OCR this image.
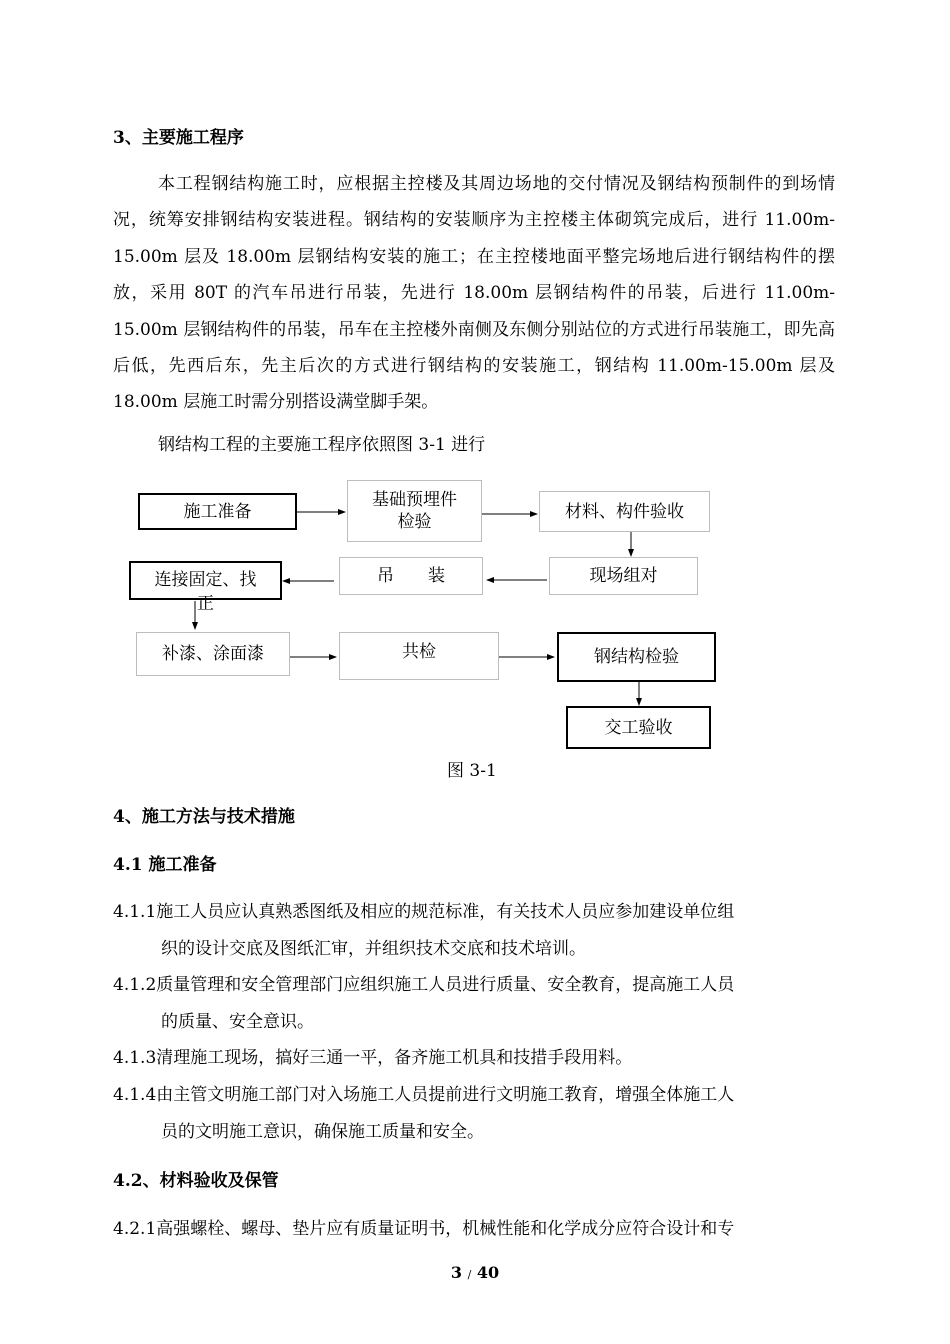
3、主要施工程序

本工程钢结构施工时，应根据主控楼及其周边场地的交付情况及钢结构预制件的到场情况，统筹安排钢结构安装进程。钢结构的安装顺序为主控楼主体砌筑完成后，进行 11.00m-15.00m 层及 18.00m 层钢结构安装的施工；在主控楼地面平整完场地后进行钢结构件的摆放，采用 80T 的汽车吊进行吊装，先进行 18.00m 层钢结构件的吊装，后进行 11.00m-15.00m 层钢结构件的吊装，吊车在主控楼外南侧及东侧分别站位的方式进行吊装施工，即先高后低，先西后东，先主后次的方式进行钢结构的安装施工，钢结构 11.00m-15.00m 层及 18.00m 层施工时需分别搭设满堂脚手架。

钢结构工程的主要施工程序依照图 3-1 进行
施工准备
基础预埋件
检验
材料、构件验收
现场组对
吊　　装
连接固定、找
正
补漆、涂面漆	共检	钢结构检验
交工验收
图 3-1
4、施工方法与技术措施
4.1 施工准备
4.1.1施工人员应认真熟悉图纸及相应的规范标准，有关技术人员应参加建设单位组
织的设计交底及图纸汇审，并组织技术交底和技术培训。
4.1.2质量管理和安全管理部门应组织施工人员进行质量、安全教育，提高施工人员
的质量、安全意识。
4.1.3清理施工现场，搞好三通一平，备齐施工机具和技措手段用料。
4.1.4由主管文明施工部门对入场施工人员提前进行文明施工教育，增强全体施工人
员的文明施工意识，确保施工质量和安全。
4.2、材料验收及保管
4.2.1高强螺栓、螺母、垫片应有质量证明书，机械性能和化学成分应符合设计和专
3 / 40
